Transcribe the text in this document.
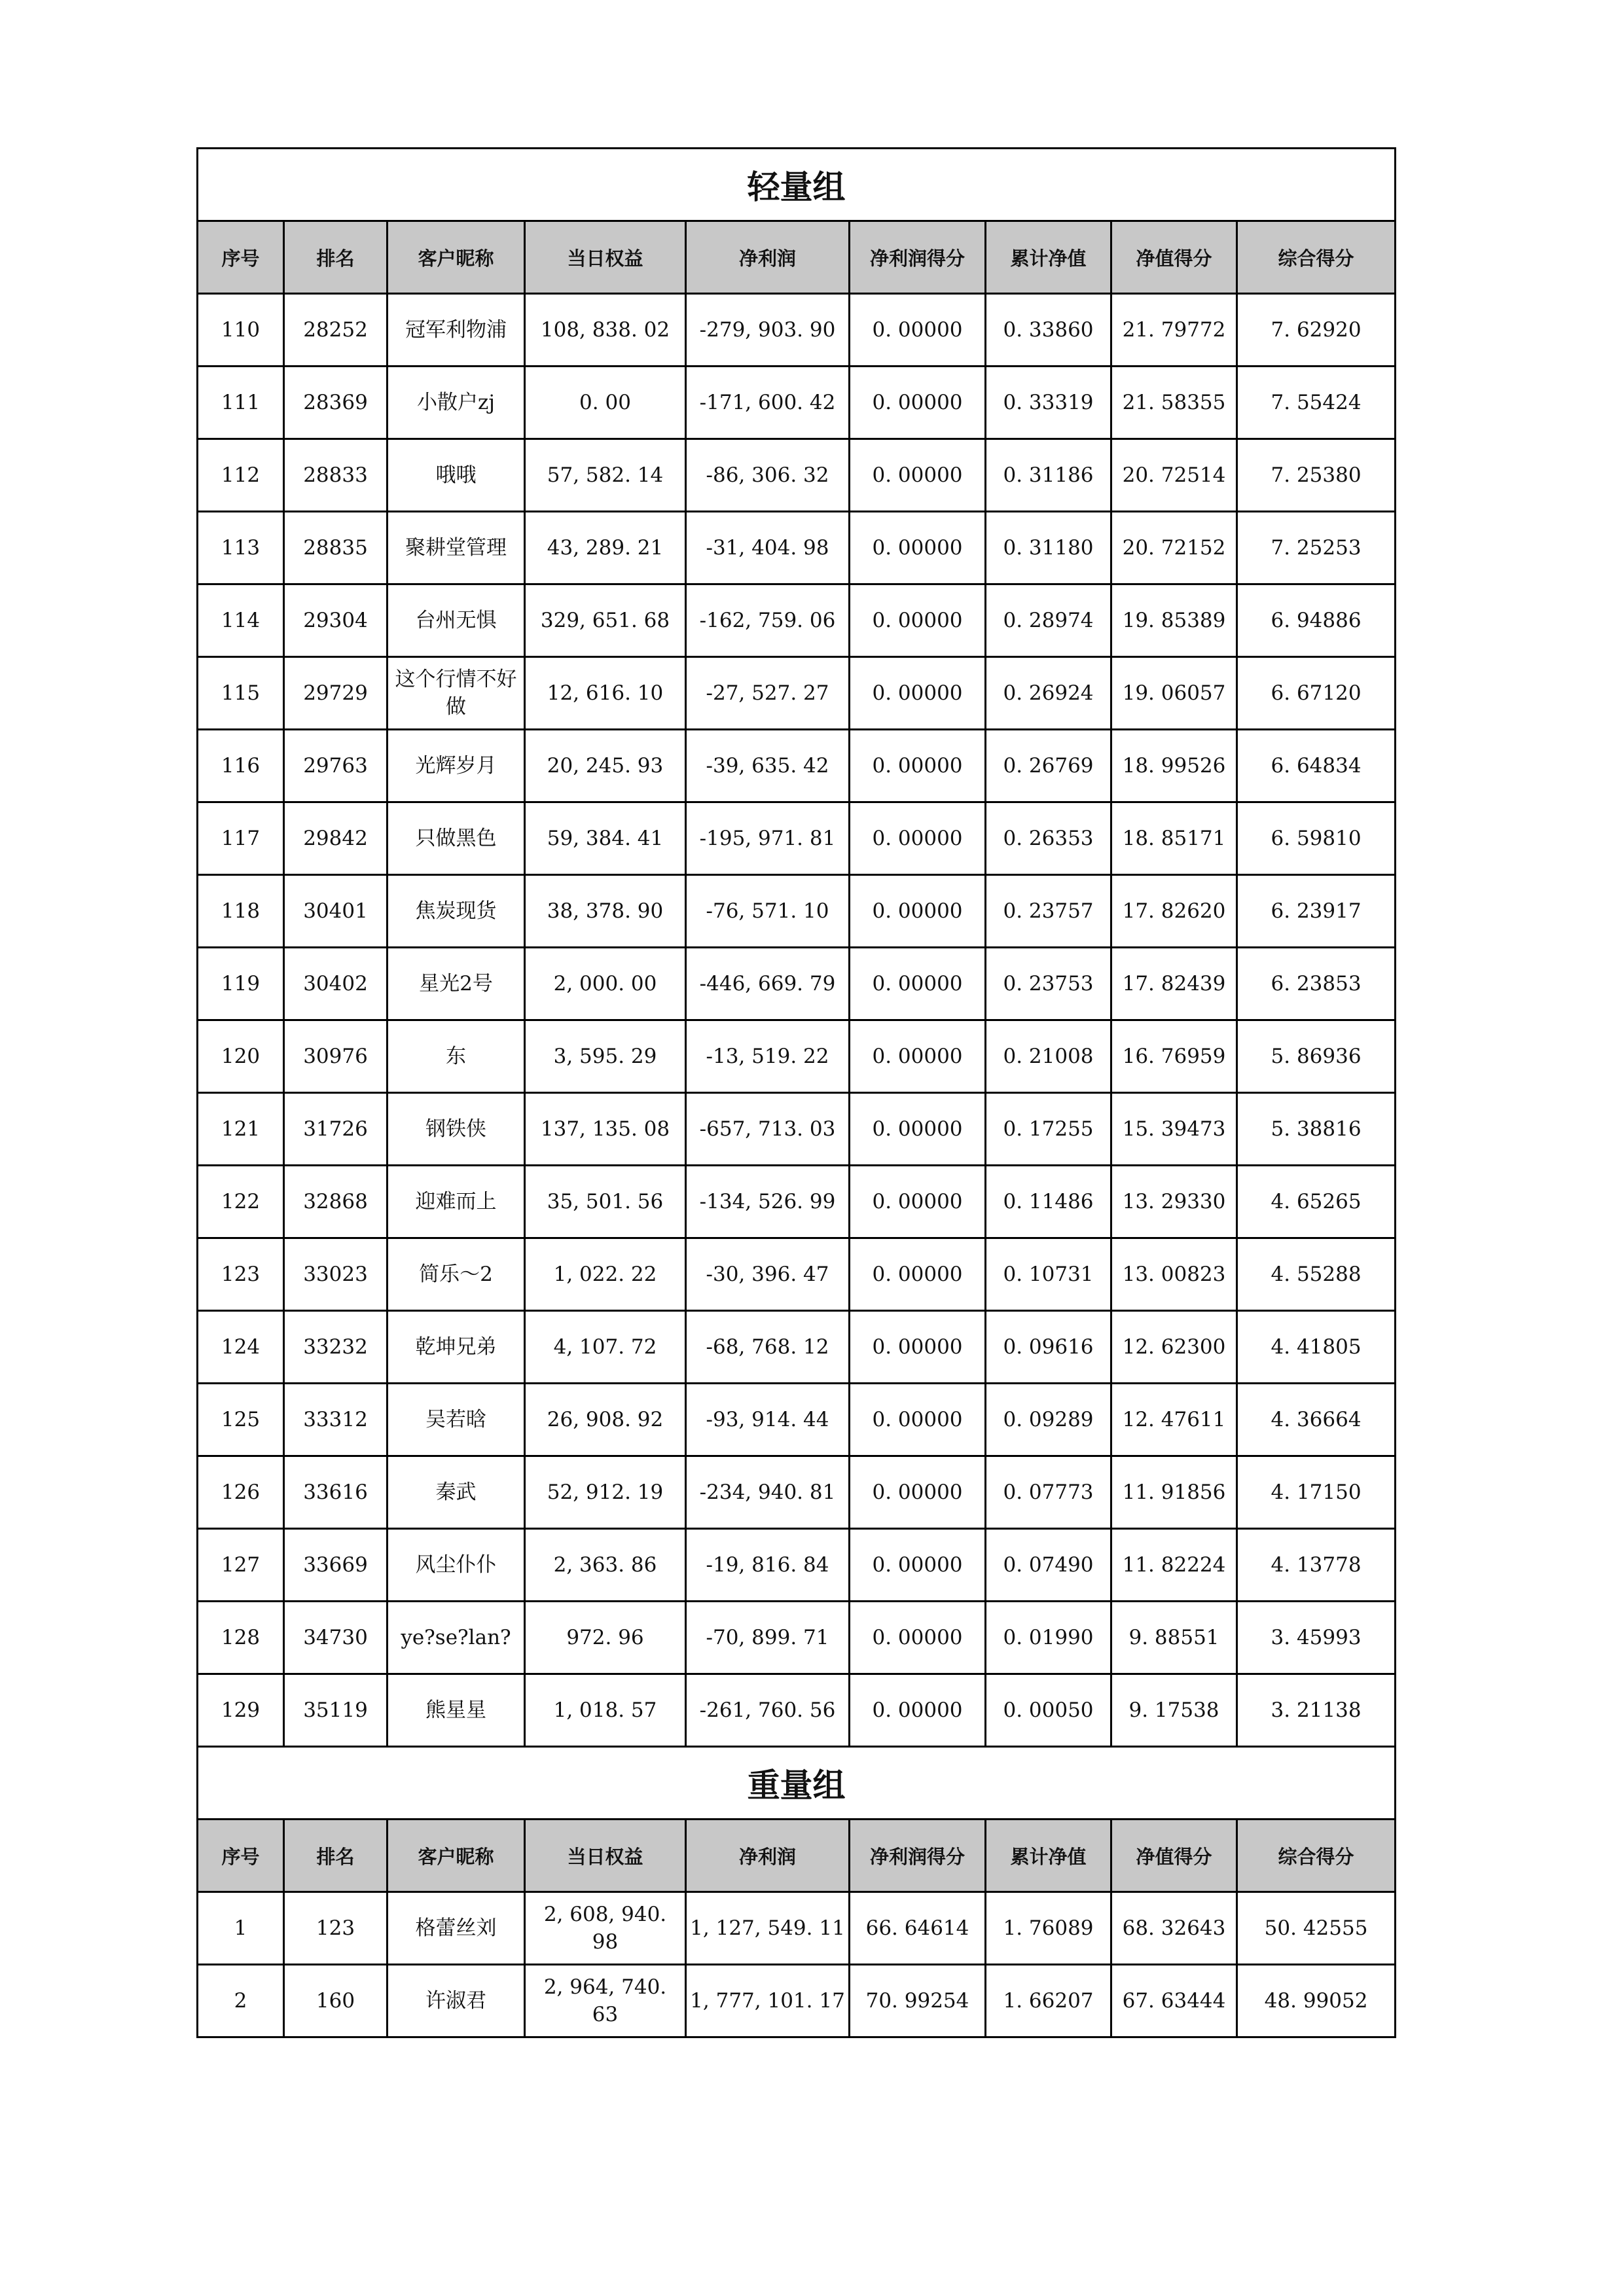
轻量组								
序号	排名	客户昵称	当日权益	净利润	净利润得分	累计净值	净值得分	综合得分
110	28252	冠军利物浦	108, 838. 02	-279, 903. 90	0. 00000	0. 33860	21. 79772	7. 62920
111	28369	小散户zj	0. 00	-171, 600. 42	0. 00000	0. 33319	21. 58355	7. 55424
112	28833	哦哦	57, 582. 14	-86, 306. 32	0. 00000	0. 31186	20. 72514	7. 25380
113	28835	聚耕堂管理	43, 289. 21	-31, 404. 98	0. 00000	0. 31180	20. 72152	7. 25253
114	29304	台州无惧	329, 651. 68	-162, 759. 06	0. 00000	0. 28974	19. 85389	6. 94886
115	29729	这个行情不好做	12, 616. 10	-27, 527. 27	0. 00000	0. 26924	19. 06057	6. 67120
116	29763	光辉岁月	20, 245. 93	-39, 635. 42	0. 00000	0. 26769	18. 99526	6. 64834
117	29842	只做黑色	59, 384. 41	-195, 971. 81	0. 00000	0. 26353	18. 85171	6. 59810
118	30401	焦炭现货	38, 378. 90	-76, 571. 10	0. 00000	0. 23757	17. 82620	6. 23917
119	30402	星光2号	2, 000. 00	-446, 669. 79	0. 00000	0. 23753	17. 82439	6. 23853
120	30976	东	3, 595. 29	-13, 519. 22	0. 00000	0. 21008	16. 76959	5. 86936
121	31726	钢铁侠	137, 135. 08	-657, 713. 03	0. 00000	0. 17255	15. 39473	5. 38816
122	32868	迎难而上	35, 501. 56	-134, 526. 99	0. 00000	0. 11486	13. 29330	4. 65265
123	33023	简乐～2	1, 022. 22	-30, 396. 47	0. 00000	0. 10731	13. 00823	4. 55288
124	33232	乾坤兄弟	4, 107. 72	-68, 768. 12	0. 00000	0. 09616	12. 62300	4. 41805
125	33312	吴若晗	26, 908. 92	-93, 914. 44	0. 00000	0. 09289	12. 47611	4. 36664
126	33616	秦武	52, 912. 19	-234, 940. 81	0. 00000	0. 07773	11. 91856	4. 17150
127	33669	风尘仆仆	2, 363. 86	-19, 816. 84	0. 00000	0. 07490	11. 82224	4. 13778
128	34730	ye?se?lan?	972. 96	-70, 899. 71	0. 00000	0. 01990	9. 88551	3. 45993
129	35119	熊星星	1, 018. 57	-261, 760. 56	0. 00000	0. 00050	9. 17538	3. 21138
重量组								
序号	排名	客户昵称	当日权益	净利润	净利润得分	累计净值	净值得分	综合得分
1	123	格蕾丝刘	2, 608, 940. 98	1, 127, 549. 11	66. 64614	1. 76089	68. 32643	50. 42555
2	160	许淑君	2, 964, 740. 63	1, 777, 101. 17	70. 99254	1. 66207	67. 63444	48. 99052
